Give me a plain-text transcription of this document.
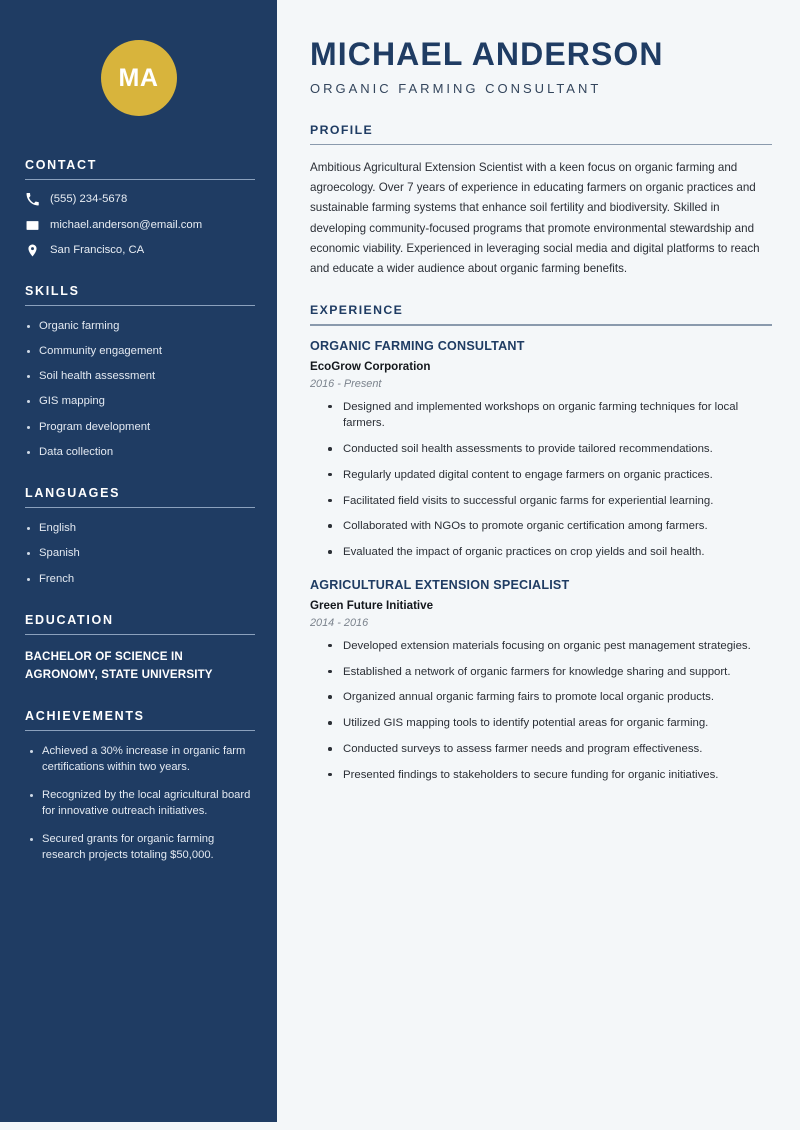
MA
CONTACT
(555) 234-5678
michael.anderson@email.com
San Francisco, CA
SKILLS
Organic farming
Community engagement
Soil health assessment
GIS mapping
Program development
Data collection
LANGUAGES
English
Spanish
French
EDUCATION
BACHELOR OF SCIENCE IN AGRONOMY, STATE UNIVERSITY
ACHIEVEMENTS
Achieved a 30% increase in organic farm certifications within two years.
Recognized by the local agricultural board for innovative outreach initiatives.
Secured grants for organic farming research projects totaling $50,000.
MICHAEL ANDERSON
ORGANIC FARMING CONSULTANT
PROFILE

Ambitious Agricultural Extension Scientist with a keen focus on organic farming and agroecology. Over 7 years of experience in educating farmers on organic practices and sustainable farming systems that enhance soil fertility and biodiversity. Skilled in developing community-focused programs that promote environmental stewardship and economic viability. Experienced in leveraging social media and digital platforms to reach and educate a wider audience about organic farming benefits.

EXPERIENCE
ORGANIC FARMING CONSULTANT
EcoGrow Corporation
2016 - Present
Designed and implemented workshops on organic farming techniques for local farmers.
Conducted soil health assessments to provide tailored recommendations.
Regularly updated digital content to engage farmers on organic practices.
Facilitated field visits to successful organic farms for experiential learning.
Collaborated with NGOs to promote organic certification among farmers.
Evaluated the impact of organic practices on crop yields and soil health.
AGRICULTURAL EXTENSION SPECIALIST
Green Future Initiative
2014 - 2016
Developed extension materials focusing on organic pest management strategies.
Established a network of organic farmers for knowledge sharing and support.
Organized annual organic farming fairs to promote local organic products.
Utilized GIS mapping tools to identify potential areas for organic farming.
Conducted surveys to assess farmer needs and program effectiveness.
Presented findings to stakeholders to secure funding for organic initiatives.
